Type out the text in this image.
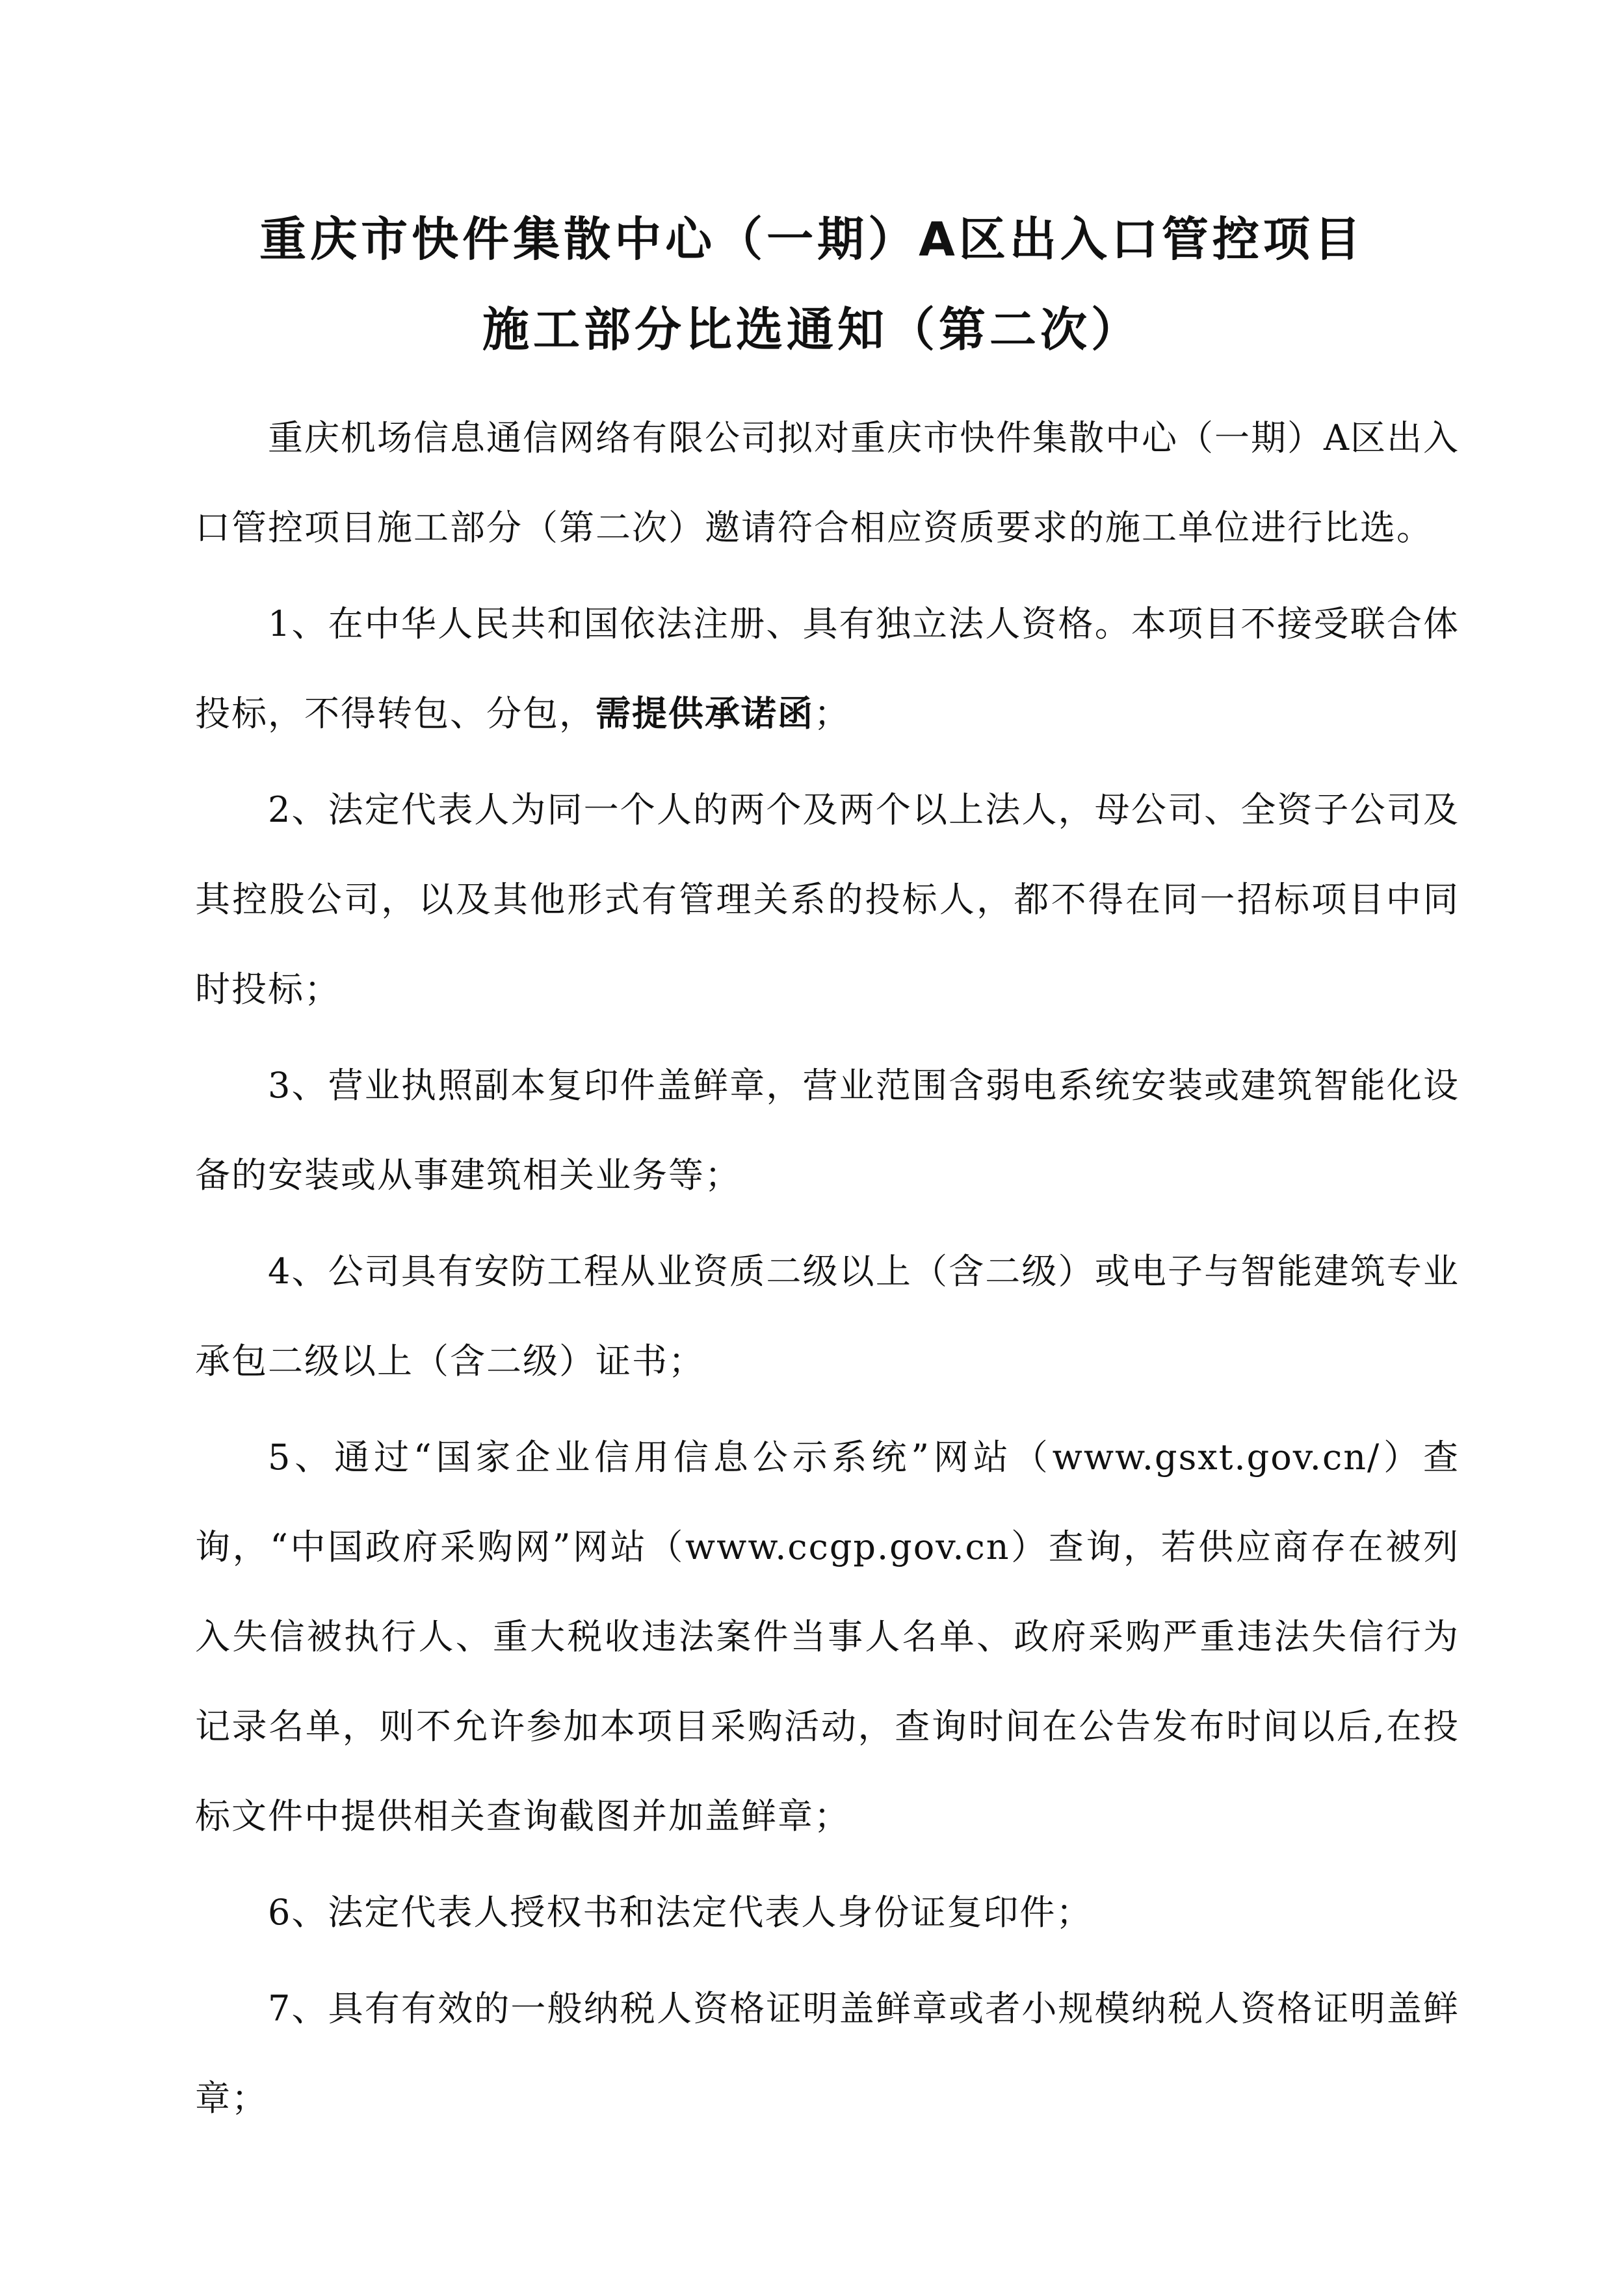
重庆市快件集散中心（一期）A区出入口管控项目
施工部分比选通知（第二次）

重庆机场信息通信网络有限公司拟对重庆市快件集散中心（一期）A区出入口管控项目施工部分（第二次）邀请符合相应资质要求的施工单位进行比选。

1、在中华人民共和国依法注册、具有独立法人资格。本项目不接受联合体投标，不得转包、分包，需提供承诺函；

2、法定代表人为同一个人的两个及两个以上法人，母公司、全资子公司及其控股公司，以及其他形式有管理关系的投标人，都不得在同一招标项目中同时投标；

3、营业执照副本复印件盖鲜章，营业范围含弱电系统安装或建筑智能化设备的安装或从事建筑相关业务等；

4、公司具有安防工程从业资质二级以上（含二级）或电子与智能建筑专业承包二级以上（含二级）证书；

5、通过“国家企业信用信息公示系统”网站（www.gsxt.gov.cn/）查询，“中国政府采购网”网站（www.ccgp.gov.cn）查询，若供应商存在被列入失信被执行人、重大税收违法案件当事人名单、政府采购严重违法失信行为记录名单，则不允许参加本项目采购活动，查询时间在公告发布时间以后,在投标文件中提供相关查询截图并加盖鲜章；

6、法定代表人授权书和法定代表人身份证复印件；

7、具有有效的一般纳税人资格证明盖鲜章或者小规模纳税人资格证明盖鲜章；
